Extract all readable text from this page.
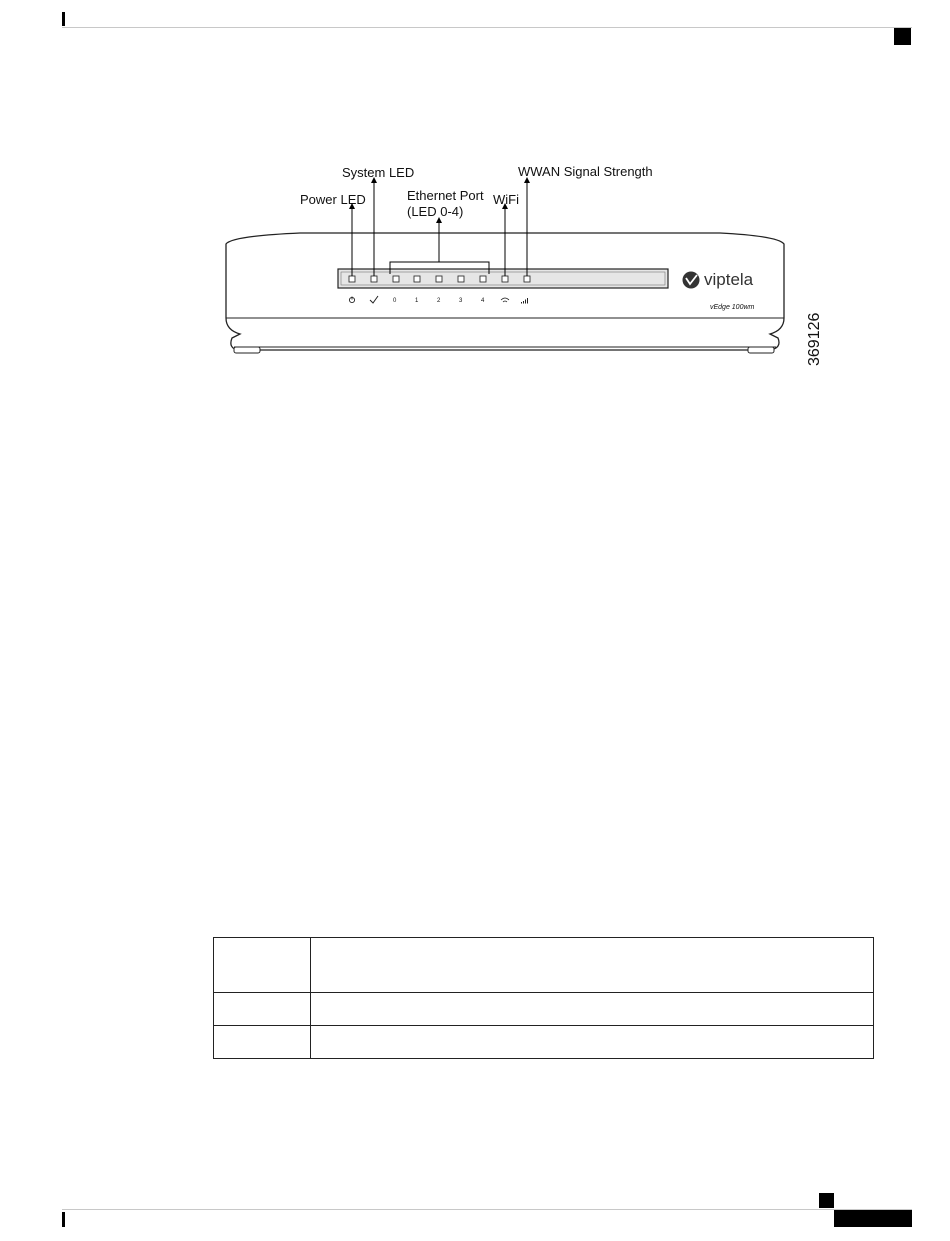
System LED
Power LED	Ethernet Port
(LED 0-4)
WiFi
WWAN Signal Strength
0	1	2	3	4
viptela
vEdge 100wm
369126
